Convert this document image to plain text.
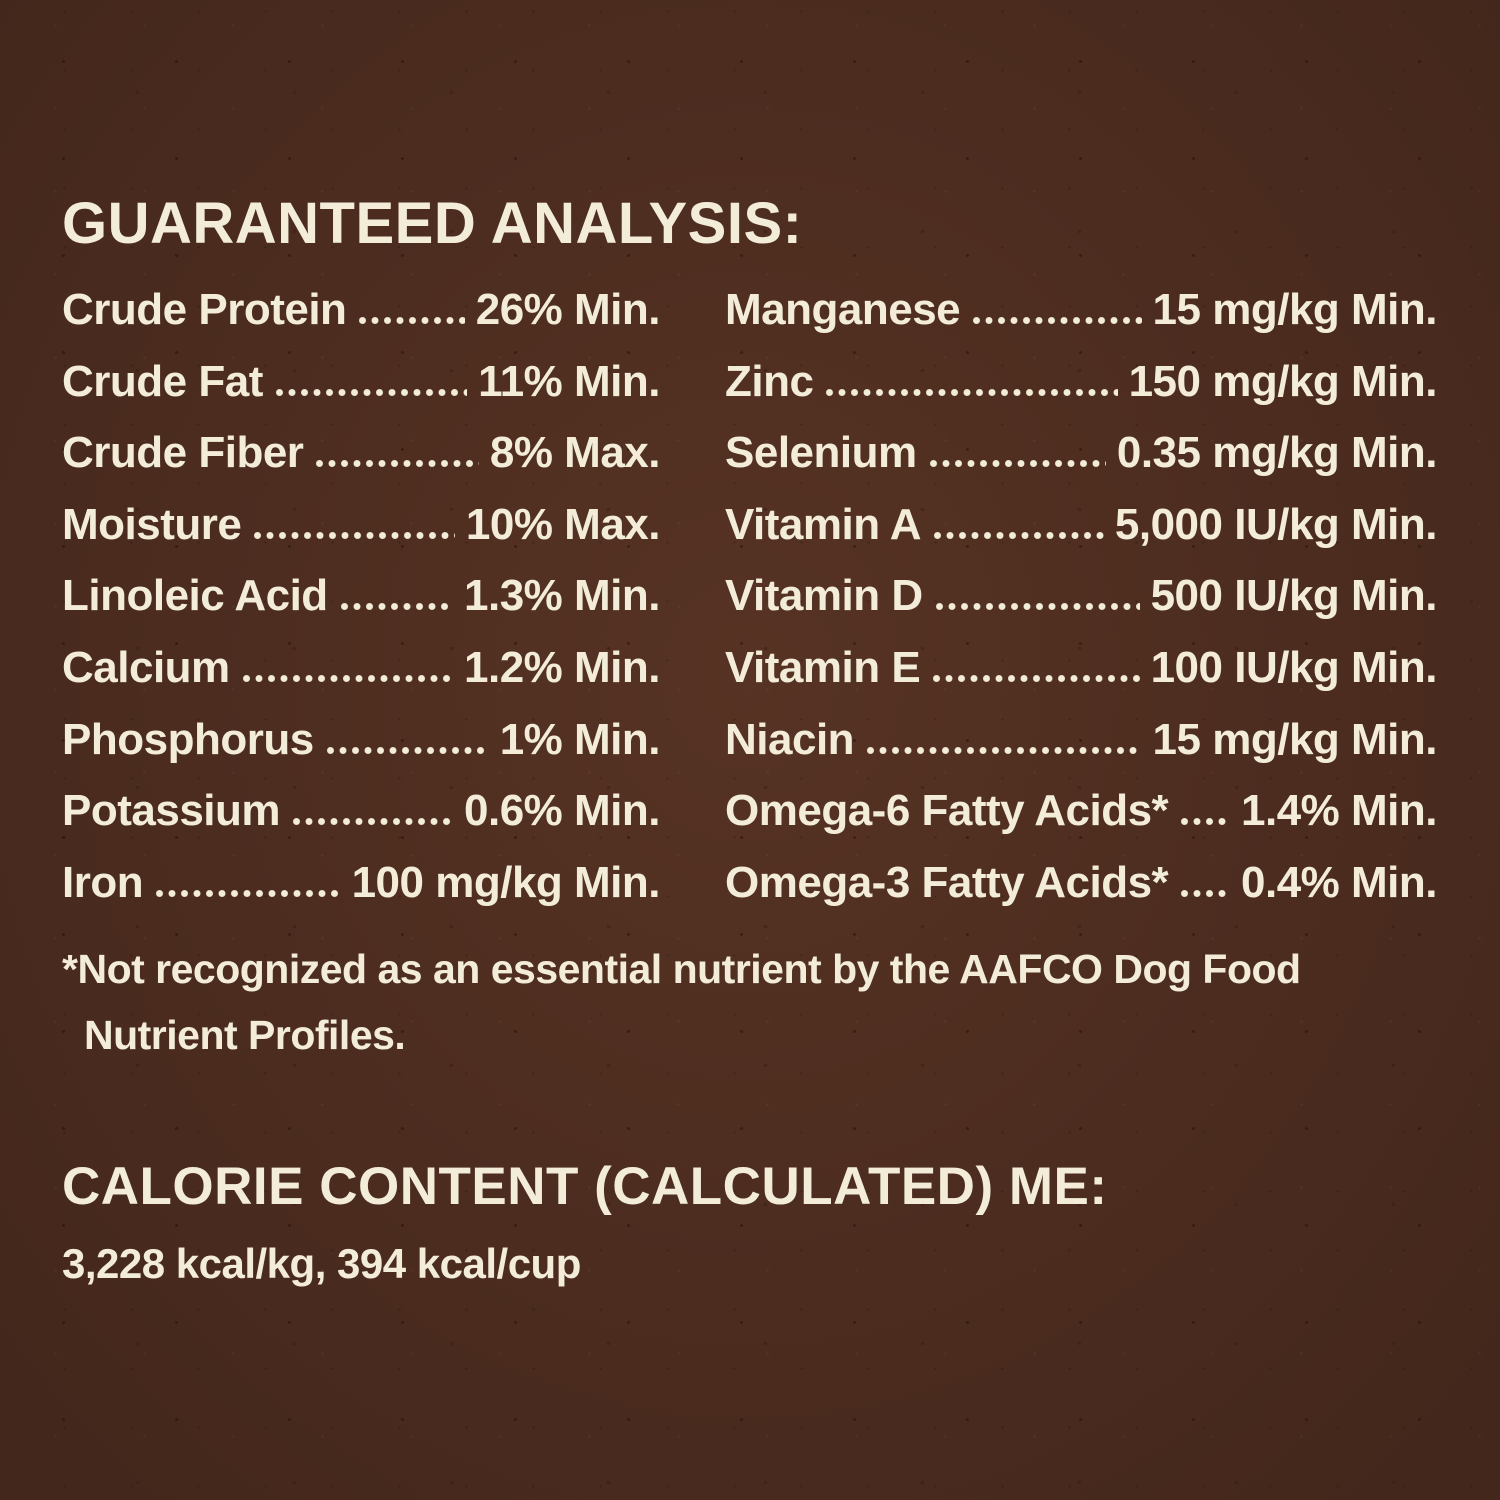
GUARANTEED ANALYSIS:
Crude Protein	26% Min.
Crude Fat	11% Min.
Crude Fiber	8% Max.
Moisture	10% Max.
Linoleic Acid	1.3% Min.
Calcium	1.2% Min.
Phosphorus	1% Min.
Potassium	0.6% Min.
Iron	100 mg/kg Min.
Manganese	15 mg/kg Min.
Zinc	150 mg/kg Min.
Selenium	0.35 mg/kg Min.
Vitamin A	5,000 IU/kg Min.
Vitamin D	500 IU/kg Min.
Vitamin E	100 IU/kg Min.
Niacin	15 mg/kg Min.
Omega-6 Fatty Acids* 1.4% Min.
Omega-3 Fatty Acids* 0.4% Min.

*Not recognized as an essential nutrient by the AAFCO Dog Food Nutrient Profiles.

CALORIE CONTENT (CALCULATED) ME:

3,228 kcal/kg, 394 kcal/cup
